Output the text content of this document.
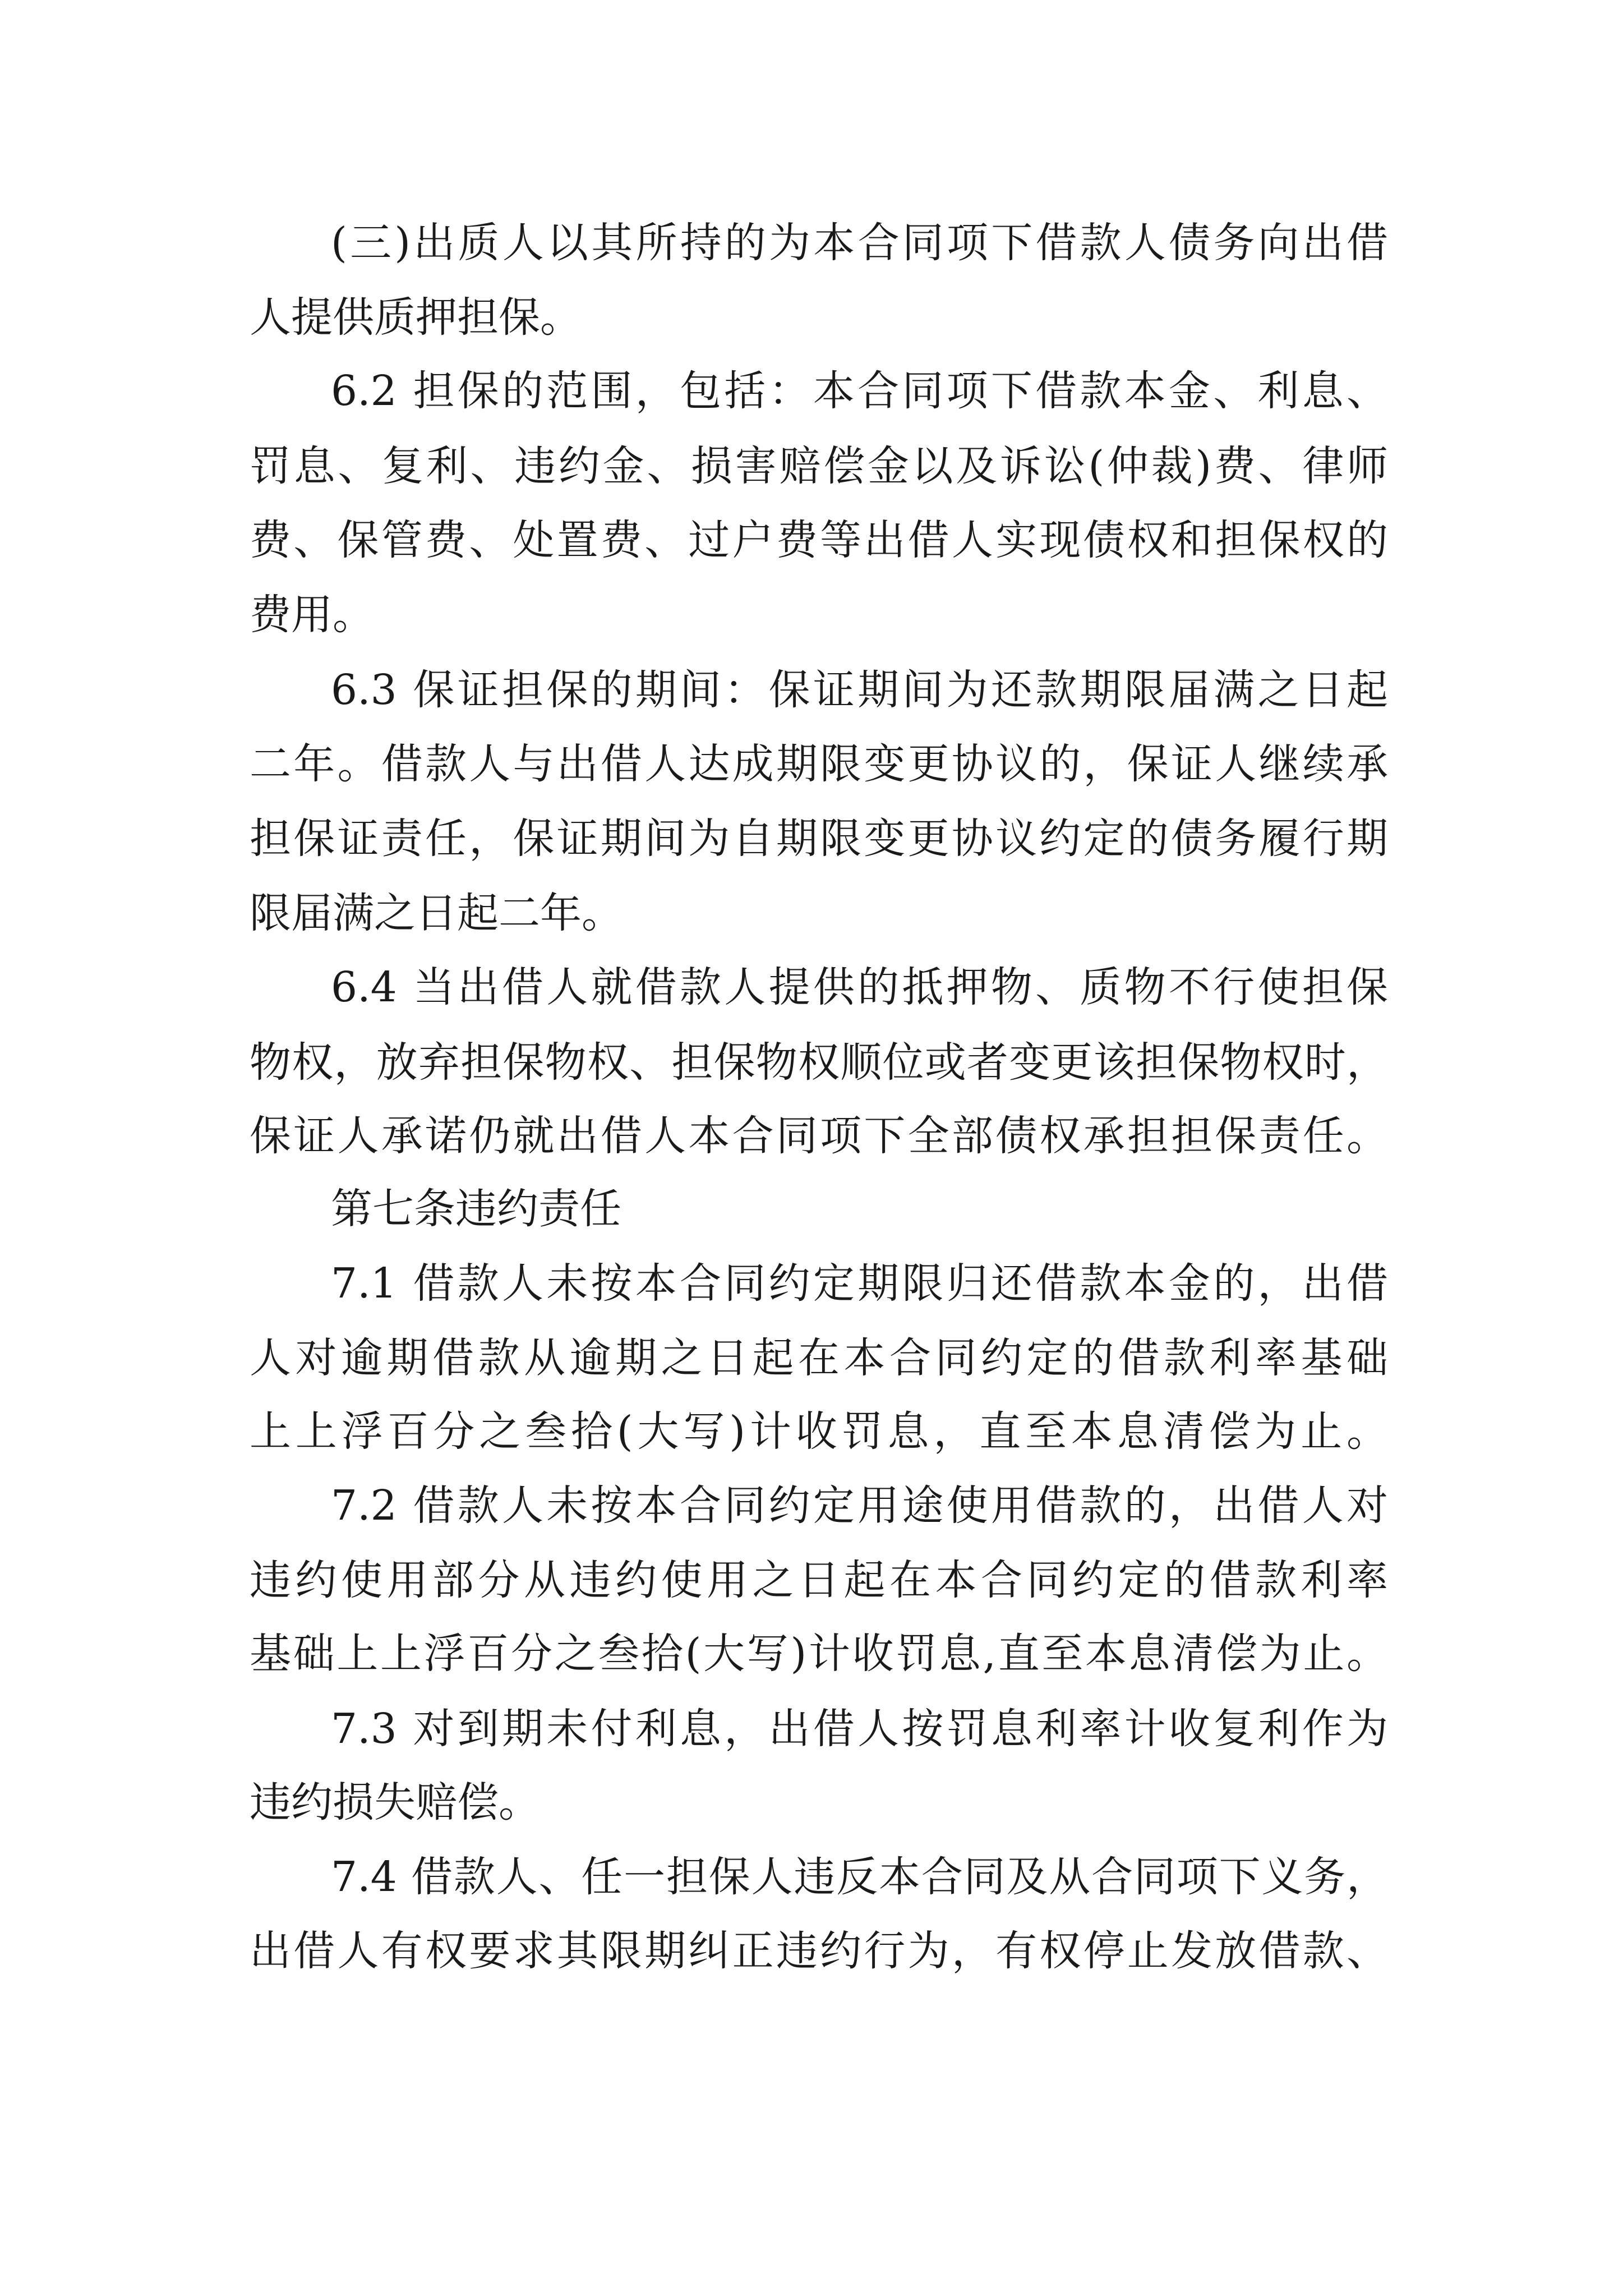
(三)出质人以其所持的为本合同项下借款人债务向出借
人提供质押担保。
6.2 担保的范围，包括：本合同项下借款本金、利息、
罚息、复利、违约金、损害赔偿金以及诉讼(仲裁)费、律师
费、保管费、处置费、过户费等出借人实现债权和担保权的
费用。
6.3 保证担保的期间：保证期间为还款期限届满之日起
二年。借款人与出借人达成期限变更协议的，保证人继续承
担保证责任，保证期间为自期限变更协议约定的债务履行期
限届满之日起二年。
6.4 当出借人就借款人提供的抵押物、质物不行使担保
物权，放弃担保物权、担保物权顺位或者变更该担保物权时，
保证人承诺仍就出借人本合同项下全部债权承担担保责任。
第七条违约责任
7.1 借款人未按本合同约定期限归还借款本金的，出借
人对逾期借款从逾期之日起在本合同约定的借款利率基础
上上浮百分之叁拾(大写)计收罚息，直至本息清偿为止。
7.2 借款人未按本合同约定用途使用借款的，出借人对
违约使用部分从违约使用之日起在本合同约定的借款利率
基础上上浮百分之叁拾(大写)计收罚息,直至本息清偿为止。
7.3 对到期未付利息，出借人按罚息利率计收复利作为
违约损失赔偿。
7.4 借款人、任一担保人违反本合同及从合同项下义务，
出借人有权要求其限期纠正违约行为，有权停止发放借款、
